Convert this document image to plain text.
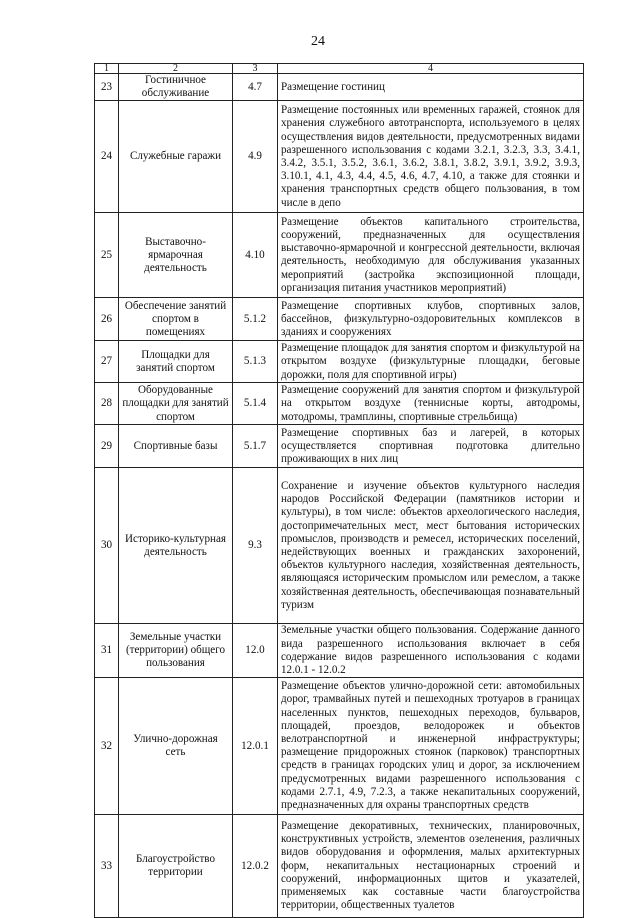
24
1	2	3	4
23	Гостиничное обслуживание	4.7	Размещение гостиниц
24	Служебные гаражи	4.9	Размещение постоянных или временных гаражей, стоянок для хранения служебного автотранспорта, используемого в целях осуществления видов деятельности, предусмотренных видами разрешенного использования с кодами 3.2.1, 3.2.3, 3.3, 3.4.1, 3.4.2, 3.5.1, 3.5.2, 3.6.1, 3.6.2, 3.8.1, 3.8.2, 3.9.1, 3.9.2, 3.9.3, 3.10.1, 4.1, 4.3, 4.4, 4.5, 4.6, 4.7, 4.10, а также для стоянки и хранения транспортных средств общего пользования, в том числе в депо
25	Выставочно-ярмарочная деятельность	4.10	Размещение объектов капитального строительства, сооружений, предназначенных для осуществления выставочно-ярмарочной и конгрессной деятельности, включая деятельность, необходимую для обслуживания указанных мероприятий (застройка экспозиционной площади, организация питания участников мероприятий)
26	Обеспечение занятий спортом в помещениях	5.1.2	Размещение спортивных клубов, спортивных залов, бассейнов, физкультурно-оздоровительных комплексов в зданиях и сооружениях
27	Площадки для занятий спортом	5.1.3	Размещение площадок для занятия спортом и физкультурой на открытом воздухе (физкультурные площадки, беговые дорожки, поля для спортивной игры)
28	Оборудованные площадки для занятий спортом	5.1.4	Размещение сооружений для занятия спортом и физкультурой на открытом воздухе (теннисные корты, автодромы, мотодромы, трамплины, спортивные стрельбища)
29	Спортивные базы	5.1.7	Размещение спортивных баз и лагерей, в которых осуществляется спортивная подготовка длительно проживающих в них лиц
30	Историко-культурная деятельность	9.3	Сохранение и изучение объектов культурного наследия народов Российской Федерации (памятников истории и культуры), в том числе: объектов археологического наследия, достопримечательных мест, мест бытования исторических промыслов, производств и ремесел, исторических поселений, недействующих военных и гражданских захоронений, объектов культурного наследия, хозяйственная деятельность, являющаяся историческим промыслом или ремеслом, а также хозяйственная деятельность, обеспечивающая познавательный туризм
31	Земельные участки (территории) общего пользования	12.0	Земельные участки общего пользования. Содержание данного вида разрешенного использования включает в себя содержание видов разрешенного использования с кодами 12.0.1 - 12.0.2
32	Улично-дорожная сеть	12.0.1	Размещение объектов улично-дорожной сети: автомобильных дорог, трамвайных путей и пешеходных тротуаров в границах населенных пунктов, пешеходных переходов, бульваров, площадей, проездов, велодорожек и объектов велотранспортной и инженерной инфраструктуры; размещение придорожных стоянок (парковок) транспортных средств в границах городских улиц и дорог, за исключением предусмотренных видами разрешенного использования с кодами 2.7.1, 4.9, 7.2.3, а также некапитальных сооружений, предназначенных для охраны транспортных средств
33	Благоустройство территории	12.0.2	Размещение декоративных, технических, планировочных, конструктивных устройств, элементов озеленения, различных видов оборудования и оформления, малых архитектурных форм, некапитальных нестационарных строений и сооружений, информационных щитов и указателей, применяемых как составные части благоустройства территории, общественных туалетов
